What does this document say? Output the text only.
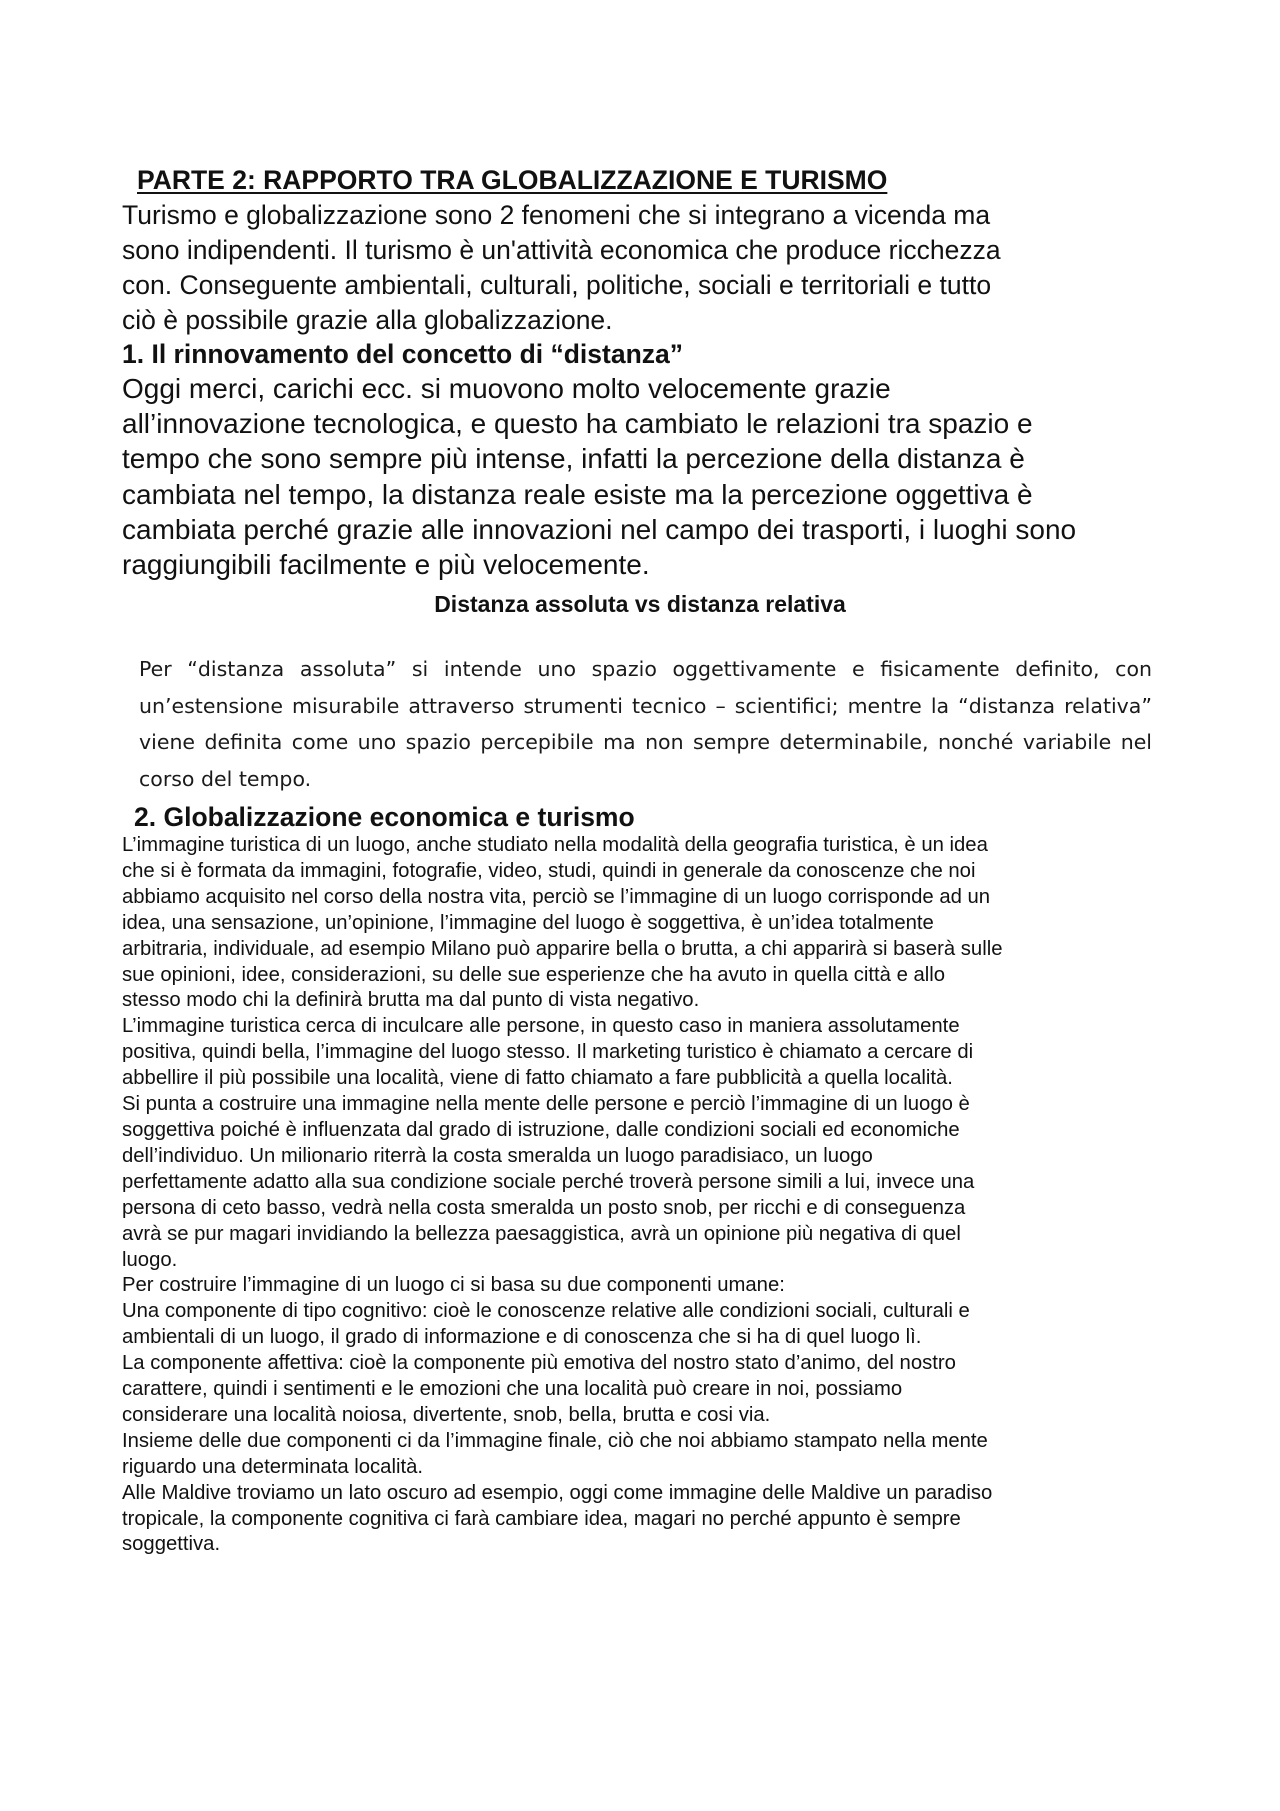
PARTE 2: RAPPORTO TRA GLOBALIZZAZIONE E TURISMO
Turismo e globalizzazione sono 2 fenomeni che si integrano a vicenda ma
sono indipendenti. Il turismo è un'attività economica che produce ricchezza
con. Conseguente ambientali, culturali, politiche, sociali e territoriali e tutto
ciò è possibile grazie alla globalizzazione.
1. Il rinnovamento del concetto di “distanza”
Oggi merci, carichi ecc. si muovono molto velocemente grazie
all’innovazione tecnologica, e questo ha cambiato le relazioni tra spazio e
tempo che sono sempre più intense, infatti la percezione della distanza è
cambiata nel tempo, la distanza reale esiste ma la percezione oggettiva è
cambiata perché grazie alle innovazioni nel campo dei trasporti, i luoghi sono
raggiungibili facilmente e più velocemente.
Distanza assoluta vs distanza relativa
Per “distanza assoluta” si intende uno spazio oggettivamente e fisicamente definito, con
un’estensione misurabile attraverso strumenti tecnico – scientifici; mentre la “distanza relativa”
viene definita come uno spazio percepibile ma non sempre determinabile, nonché variabile nel
corso del tempo.
2. Globalizzazione economica e turismo
L’immagine turistica di un luogo, anche studiato nella modalità della geografia turistica, è un idea
che si è formata da immagini, fotografie, video, studi, quindi in generale da conoscenze che noi
abbiamo acquisito nel corso della nostra vita, perciò se l’immagine di un luogo corrisponde ad un
idea, una sensazione, un’opinione, l’immagine del luogo è soggettiva, è un’idea totalmente
arbitraria, individuale, ad esempio Milano può apparire bella o brutta, a chi apparirà si baserà sulle
sue opinioni, idee, considerazioni, su delle sue esperienze che ha avuto in quella città e allo
stesso modo chi la definirà brutta ma dal punto di vista negativo.
L’immagine turistica cerca di inculcare alle persone, in questo caso in maniera assolutamente
positiva, quindi bella, l’immagine del luogo stesso. Il marketing turistico è chiamato a cercare di
abbellire il più possibile una località, viene di fatto chiamato a fare pubblicità a quella località.
Si punta a costruire una immagine nella mente delle persone e perciò l’immagine di un luogo è
soggettiva poiché è influenzata dal grado di istruzione, dalle condizioni sociali ed economiche
dell’individuo. Un milionario riterrà la costa smeralda un luogo paradisiaco, un luogo
perfettamente adatto alla sua condizione sociale perché troverà persone simili a lui, invece una
persona di ceto basso, vedrà nella costa smeralda un posto snob, per ricchi e di conseguenza
avrà se pur magari invidiando la bellezza paesaggistica, avrà un opinione più negativa di quel
luogo.
Per costruire l’immagine di un luogo ci si basa su due componenti umane:
Una componente di tipo cognitivo: cioè le conoscenze relative alle condizioni sociali, culturali e
ambientali di un luogo, il grado di informazione e di conoscenza che si ha di quel luogo lì.
La componente affettiva: cioè la componente più emotiva del nostro stato d’animo, del nostro
carattere, quindi i sentimenti e le emozioni che una località può creare in noi, possiamo
considerare una località noiosa, divertente, snob, bella, brutta e cosi via.
Insieme delle due componenti ci da l’immagine finale, ciò che noi abbiamo stampato nella mente
riguardo una determinata località.
Alle Maldive troviamo un lato oscuro ad esempio, oggi come immagine delle Maldive un paradiso
tropicale, la componente cognitiva ci farà cambiare idea, magari no perché appunto è sempre
soggettiva.
